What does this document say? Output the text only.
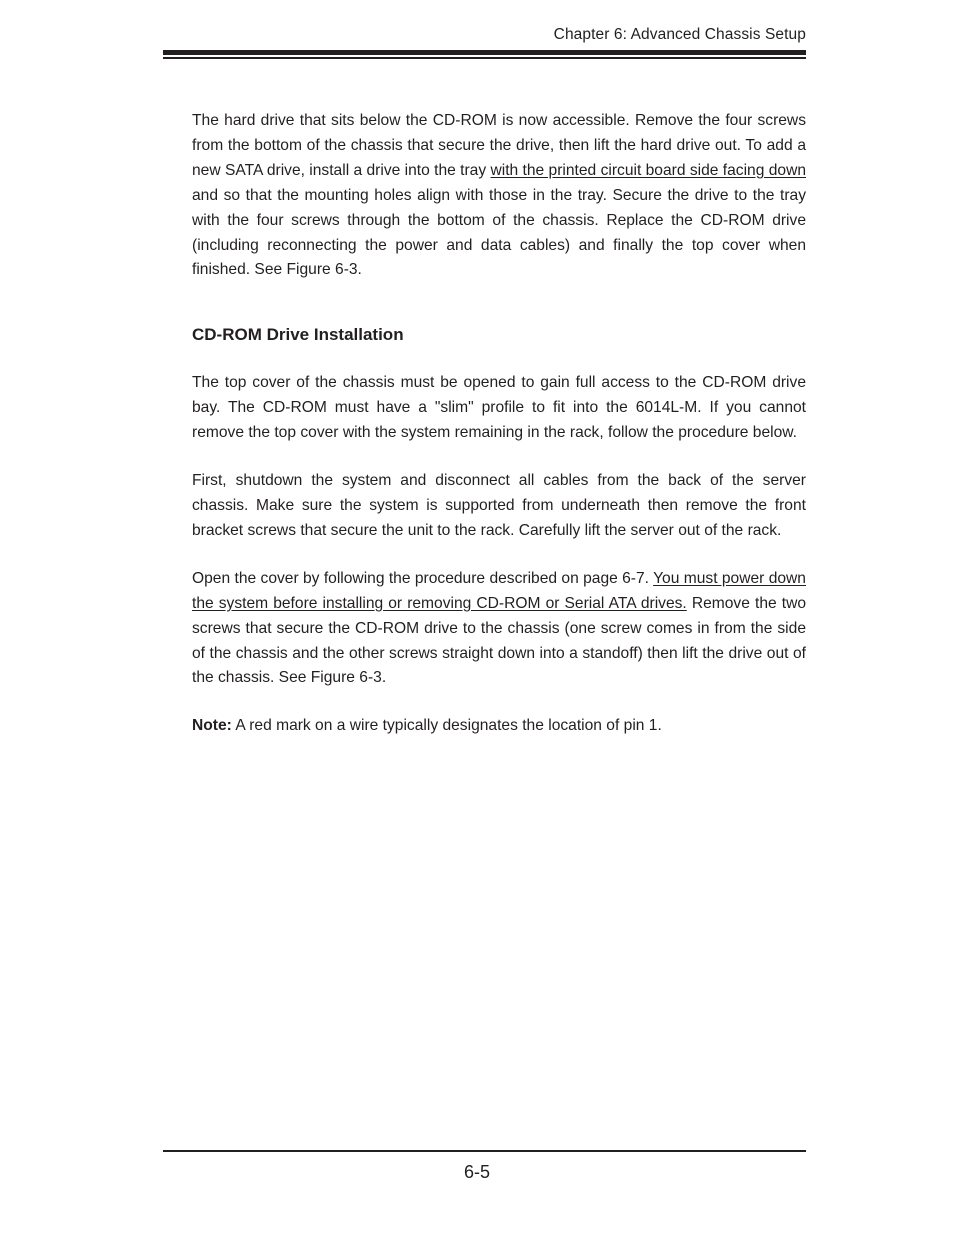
Chapter 6: Advanced Chassis Setup

The hard drive that sits below the CD-ROM is now accessible. Remove the four screws from the bottom of the chassis that secure the drive, then lift the hard drive out. To add a new SATA drive, install a drive into the tray with the printed circuit board side facing down and so that the mounting holes align with those in the tray. Secure the drive to the tray with the four screws through the bottom of the chassis. Replace the CD-ROM drive (including reconnecting the power and data cables) and finally the top cover when finished. See Figure 6-3.

CD-ROM Drive Installation

The top cover of the chassis must be opened to gain full access to the CD-ROM drive bay. The CD-ROM must have a "slim" profile to fit into the 6014L-M. If you cannot remove the top cover with the system remaining in the rack, follow the procedure below.

First, shutdown the system and disconnect all cables from the back of the server chassis. Make sure the system is supported from underneath then remove the front bracket screws that secure the unit to the rack. Carefully lift the server out of the rack.

Open the cover by following the procedure described on page 6-7. You must power down the system before installing or removing CD-ROM or Serial ATA drives. Remove the two screws that secure the CD-ROM drive to the chassis (one screw comes in from the side of the chassis and the other screws straight down into a standoff) then lift the drive out of the chassis. See Figure 6-3.

Note: A red mark on a wire typically designates the location of pin 1.

6-5
